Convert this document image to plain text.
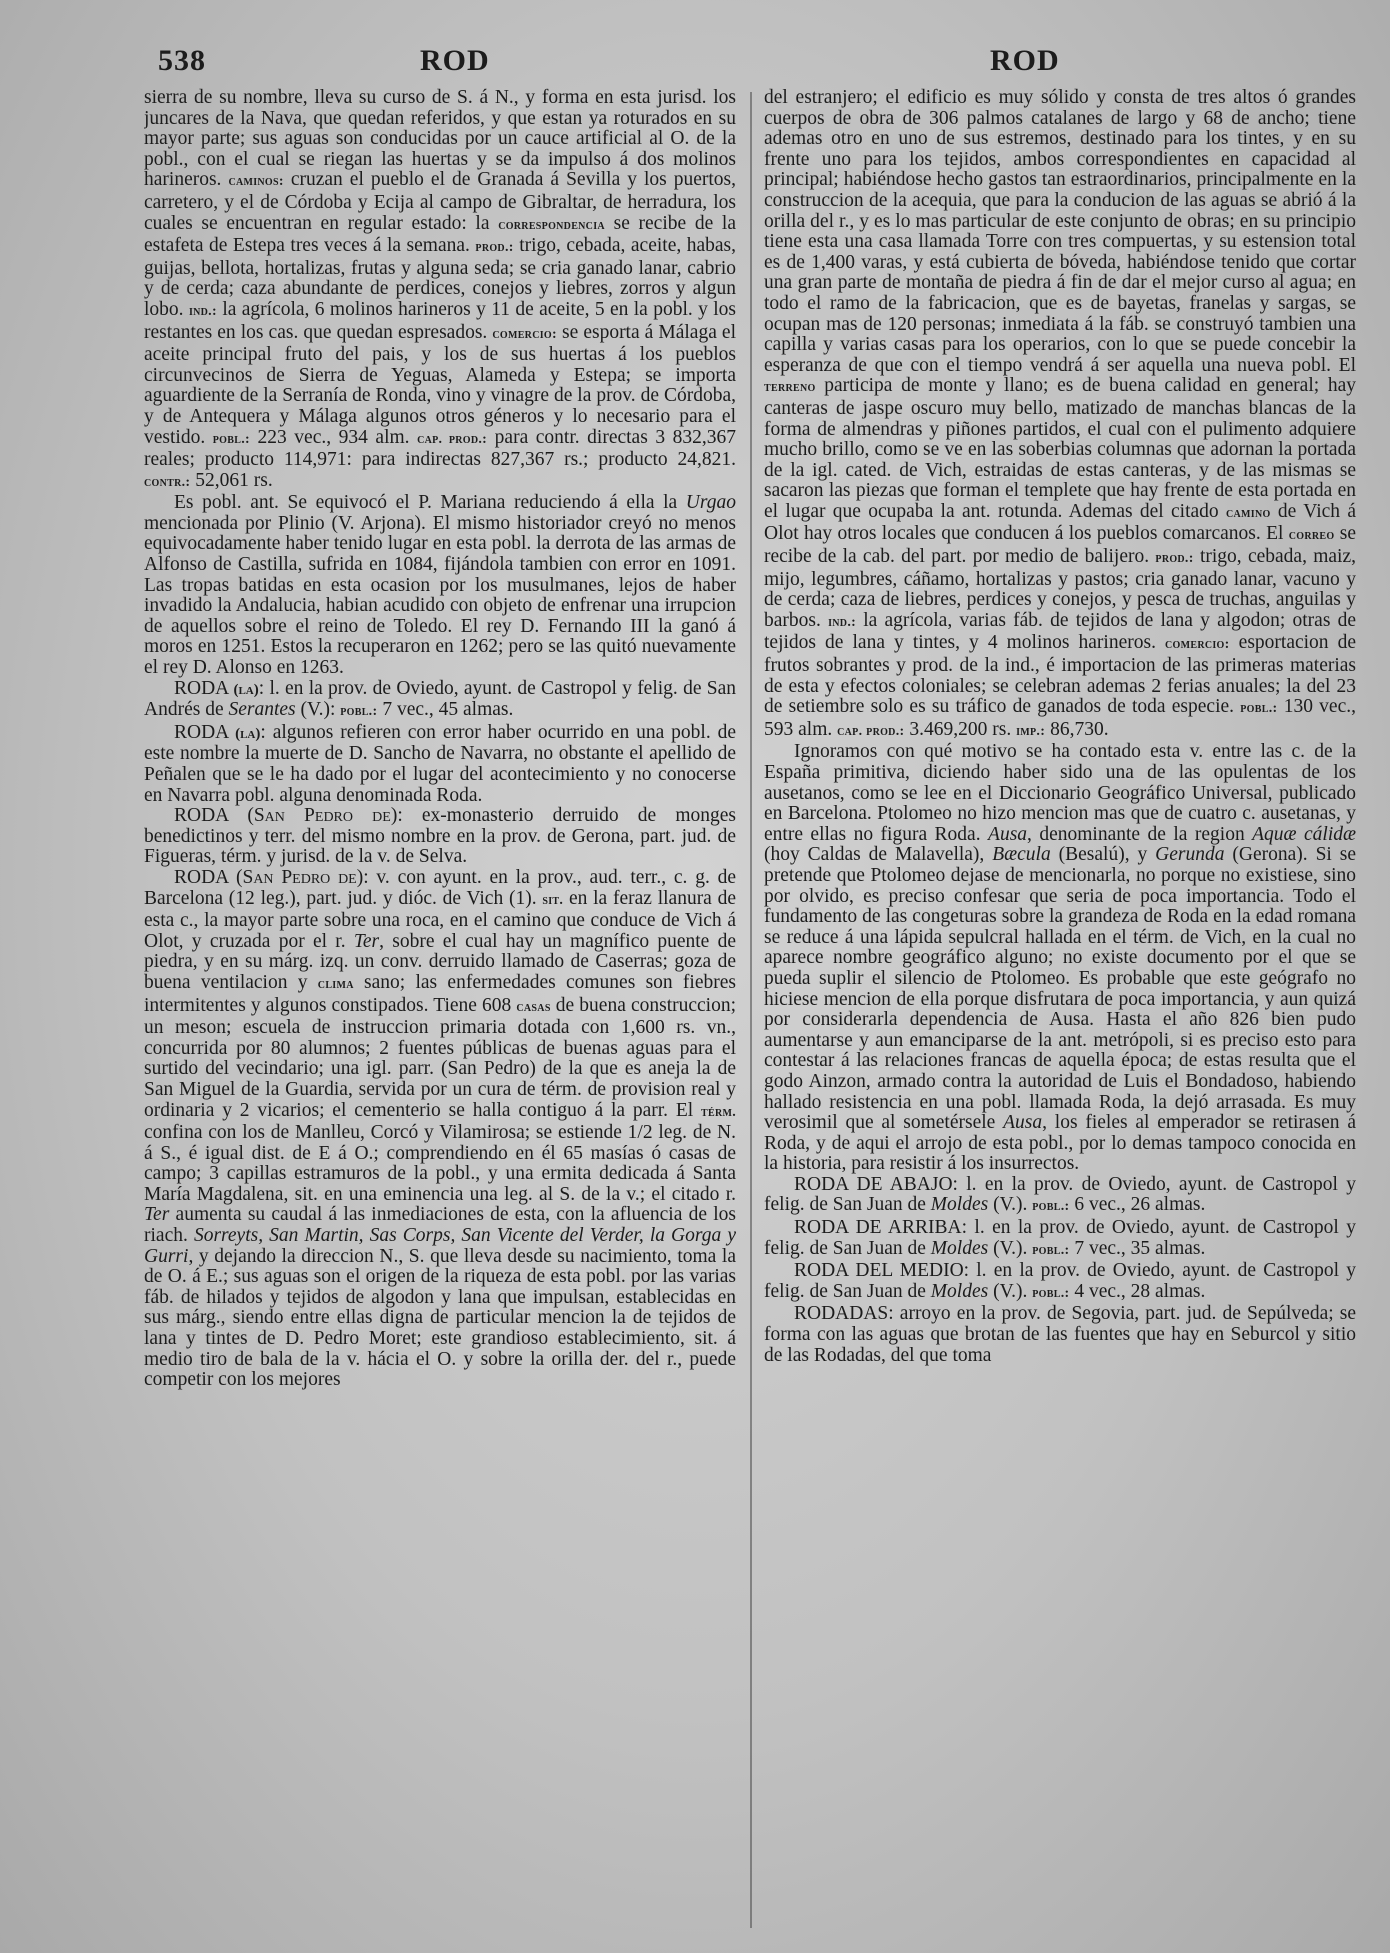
538	ROD	ROD

sierra de su nombre, lleva su curso de S. á N., y forma en esta jurisd. los juncares de la Nava, que quedan referidos, y que estan ya roturados en su mayor parte; sus aguas son conducidas por un cauce artificial al O. de la pobl., con el cual se riegan las huertas y se da impulso á dos molinos harineros. caminos: cruzan el pueblo el de Granada á Sevilla y los puertos, carretero, y el de Córdoba y Ecija al campo de Gibraltar, de herradura, los cuales se encuentran en regular estado: la correspondencia se recibe de la estafeta de Estepa tres veces á la semana. prod.: trigo, cebada, aceite, habas, guijas, bellota, hortalizas, frutas y alguna seda; se cria ganado lanar, cabrio y de cerda; caza abundante de perdices, conejos y liebres, zorros y algun lobo. ind.: la agrícola, 6 molinos harineros y 11 de aceite, 5 en la pobl. y los restantes en los cas. que quedan espresados. comercio: se esporta á Málaga el aceite principal fruto del pais, y los de sus huertas á los pueblos circunvecinos de Sierra de Yeguas, Alameda y Estepa; se importa aguardiente de la Serranía de Ronda, vino y vinagre de la prov. de Córdoba, y de Antequera y Málaga algunos otros géneros y lo necesario para el vestido. pobl.: 223 vec., 934 alm. cap. prod.: para contr. directas 3 832,367 reales; producto 114,971: para indirectas 827,367 rs.; producto 24,821. contr.: 52,061 rs.

Es pobl. ant. Se equivocó el P. Mariana reduciendo á ella la Urgao mencionada por Plinio (V. Arjona). El mismo historiador creyó no menos equivocadamente haber tenido lugar en esta pobl. la derrota de las armas de Alfonso de Castilla, sufrida en 1084, fijándola tambien con error en 1091. Las tropas batidas en esta ocasion por los musulmanes, lejos de haber invadido la Andalucia, habian acudido con objeto de enfrenar una irrupcion de aquellos sobre el reino de Toledo. El rey D. Fernando III la ganó á moros en 1251. Estos la recuperaron en 1262; pero se las quitó nuevamente el rey D. Alonso en 1263.

RODA (la): l. en la prov. de Oviedo, ayunt. de Castropol y felig. de San Andrés de Serantes (V.): pobl.: 7 vec., 45 almas.

RODA (la): algunos refieren con error haber ocurrido en una pobl. de este nombre la muerte de D. Sancho de Navarra, no obstante el apellido de Peñalen que se le ha dado por el lugar del acontecimiento y no conocerse en Navarra pobl. alguna denominada Roda.

RODA (San Pedro de): ex-monasterio derruido de monges benedictinos y terr. del mismo nombre en la prov. de Gerona, part. jud. de Figueras, térm. y jurisd. de la v. de Selva.

RODA (San Pedro de): v. con ayunt. en la prov., aud. terr., c. g. de Barcelona (12 leg.), part. jud. y dióc. de Vich (1). sit. en la feraz llanura de esta c., la mayor parte sobre una roca, en el camino que conduce de Vich á Olot, y cruzada por el r. Ter, sobre el cual hay un magnífico puente de piedra, y en su márg. izq. un conv. derruido llamado de Caserras; goza de buena ventilacion y clima sano; las enfermedades comunes son fiebres intermitentes y algunos constipados. Tiene 608 casas de buena construccion; un meson; escuela de instruccion primaria dotada con 1,600 rs. vn., concurrida por 80 alumnos; 2 fuentes públicas de buenas aguas para el surtido del vecindario; una igl. parr. (San Pedro) de la que es aneja la de San Miguel de la Guardia, servida por un cura de térm. de provision real y ordinaria y 2 vicarios; el cementerio se halla contiguo á la parr. El térm. confina con los de Manlleu, Corcó y Vilamirosa; se estiende 1/2 leg. de N. á S., é igual dist. de E á O.; comprendiendo en él 65 masías ó casas de campo; 3 capillas estramuros de la pobl., y una ermita dedicada á Santa María Magdalena, sit. en una eminencia una leg. al S. de la v.; el citado r. Ter aumenta su caudal á las inmediaciones de esta, con la afluencia de los riach. Sorreyts, San Martin, Sas Corps, San Vicente del Verder, la Gorga y Gurri, y dejando la direccion N., S. que lleva desde su nacimiento, toma la de O. á E.; sus aguas son el origen de la riqueza de esta pobl. por las varias fáb. de hilados y tejidos de algodon y lana que impulsan, establecidas en sus márg., siendo entre ellas digna de particular mencion la de tejidos de lana y tintes de D. Pedro Moret; este grandioso establecimiento, sit. á medio tiro de bala de la v. hácia el O. y sobre la orilla der. del r., puede competir con los mejores

del estranjero; el edificio es muy sólido y consta de tres altos ó grandes cuerpos de obra de 306 palmos catalanes de largo y 68 de ancho; tiene ademas otro en uno de sus estremos, destinado para los tintes, y en su frente uno para los tejidos, ambos correspondientes en capacidad al principal; habiéndose hecho gastos tan estraordinarios, principalmente en la construccion de la acequia, que para la conducion de las aguas se abrió á la orilla del r., y es lo mas particular de este conjunto de obras; en su principio tiene esta una casa llamada Torre con tres compuertas, y su estension total es de 1,400 varas, y está cubierta de bóveda, habiéndose tenido que cortar una gran parte de montaña de piedra á fin de dar el mejor curso al agua; en todo el ramo de la fabricacion, que es de bayetas, franelas y sargas, se ocupan mas de 120 personas; inmediata á la fáb. se construyó tambien una capilla y varias casas para los operarios, con lo que se puede concebir la esperanza de que con el tiempo vendrá á ser aquella una nueva pobl. El terreno participa de monte y llano; es de buena calidad en general; hay canteras de jaspe oscuro muy bello, matizado de manchas blancas de la forma de almendras y piñones partidos, el cual con el pulimento adquiere mucho brillo, como se ve en las soberbias columnas que adornan la portada de la igl. cated. de Vich, estraidas de estas canteras, y de las mismas se sacaron las piezas que forman el templete que hay frente de esta portada en el lugar que ocupaba la ant. rotunda. Ademas del citado camino de Vich á Olot hay otros locales que conducen á los pueblos comarcanos. El correo se recibe de la cab. del part. por medio de balijero. prod.: trigo, cebada, maiz, mijo, legumbres, cáñamo, hortalizas y pastos; cria ganado lanar, vacuno y de cerda; caza de liebres, perdices y conejos, y pesca de truchas, anguilas y barbos. ind.: la agrícola, varias fáb. de tejidos de lana y algodon; otras de tejidos de lana y tintes, y 4 molinos harineros. comercio: esportacion de frutos sobrantes y prod. de la ind., é importacion de las primeras materias de esta y efectos coloniales; se celebran ademas 2 ferias anuales; la del 23 de setiembre solo es su tráfico de ganados de toda especie. pobl.: 130 vec., 593 alm. cap. prod.: 3.469,200 rs. imp.: 86,730.

Ignoramos con qué motivo se ha contado esta v. entre las c. de la España primitiva, diciendo haber sido una de las opulentas de los ausetanos, como se lee en el Diccionario Geográfico Universal, publicado en Barcelona. Ptolomeo no hizo mencion mas que de cuatro c. ausetanas, y entre ellas no figura Roda. Ausa, denominante de la region Aquæ cálidæ (hoy Caldas de Malavella), Bæcula (Besalú), y Gerunda (Gerona). Si se pretende que Ptolomeo dejase de mencionarla, no porque no existiese, sino por olvido, es preciso confesar que seria de poca importancia. Todo el fundamento de las congeturas sobre la grandeza de Roda en la edad romana se reduce á una lápida sepulcral hallada en el térm. de Vich, en la cual no aparece nombre geográfico alguno; no existe documento por el que se pueda suplir el silencio de Ptolomeo. Es probable que este geógrafo no hiciese mencion de ella porque disfrutara de poca importancia, y aun quizá por considerarla dependencia de Ausa. Hasta el año 826 bien pudo aumentarse y aun emanciparse de la ant. metrópoli, si es preciso esto para contestar á las relaciones francas de aquella época; de estas resulta que el godo Ainzon, armado contra la autoridad de Luis el Bondadoso, habiendo hallado resistencia en una pobl. llamada Roda, la dejó arrasada. Es muy verosimil que al sometérsele Ausa, los fieles al emperador se retirasen á Roda, y de aqui el arrojo de esta pobl., por lo demas tampoco conocida en la historia, para resistir á los insurrectos.

RODA DE ABAJO: l. en la prov. de Oviedo, ayunt. de Castropol y felig. de San Juan de Moldes (V.). pobl.: 6 vec., 26 almas.

RODA DE ARRIBA: l. en la prov. de Oviedo, ayunt. de Castropol y felig. de San Juan de Moldes (V.). pobl.: 7 vec., 35 almas.

RODA DEL MEDIO: l. en la prov. de Oviedo, ayunt. de Castropol y felig. de San Juan de Moldes (V.). pobl.: 4 vec., 28 almas.

RODADAS: arroyo en la prov. de Segovia, part. jud. de Sepúlveda; se forma con las aguas que brotan de las fuentes que hay en Seburcol y sitio de las Rodadas, del que toma
